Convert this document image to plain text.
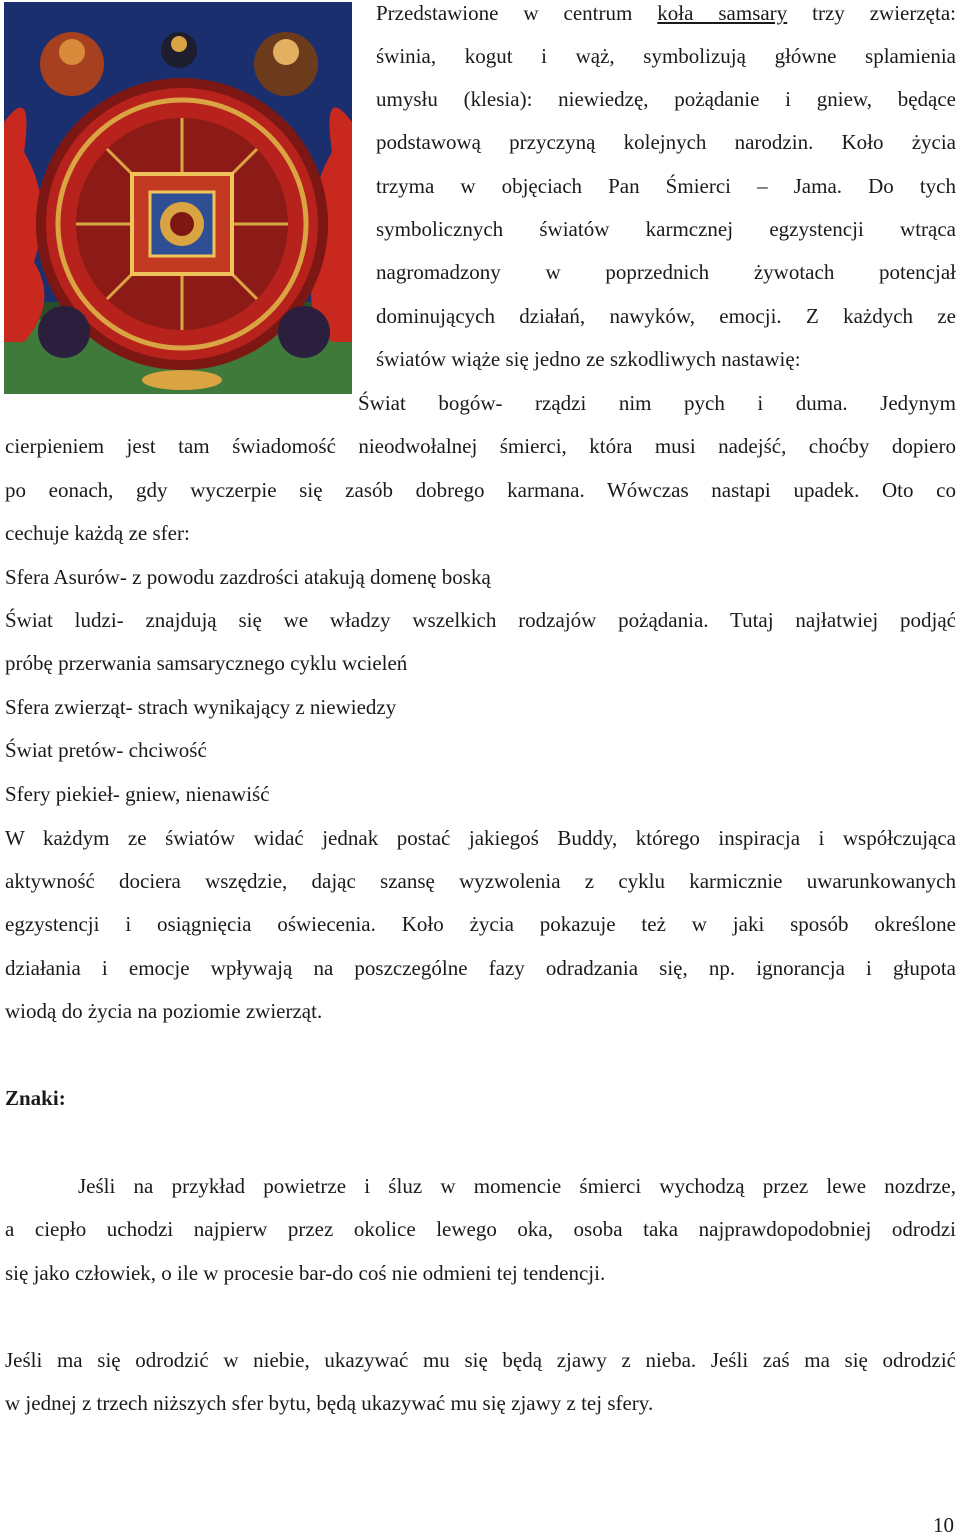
Przedstawione w centrum koła samsary trzy zwierzęta:
świnia, kogut i wąż, symbolizują główne splamienia
umysłu (klesia): niewiedzę, pożądanie i gniew, będące
podstawową przyczyną kolejnych narodzin. Koło życia
trzyma w objęciach Pan Śmierci – Jama. Do tych
symbolicznych światów karmcznej egzystencji wtrąca
nagromadzony w poprzednich żywotach potencjał
dominujących działań, nawyków, emocji. Z każdych ze
światów wiąże się jedno ze szkodliwych nastawię:
Świat bogów- rządzi nim pych i duma. Jedynym
cierpieniem jest tam świadomość nieodwołalnej śmierci, która musi nadejść, choćby dopiero
po eonach, gdy wyczerpie się zasób dobrego karmana. Wówczas nastapi upadek. Oto co
cechuje każdą ze sfer:
Sfera Asurów- z powodu zazdrości atakują domenę boską
Świat ludzi- znajdują się we władzy wszelkich rodzajów pożądania. Tutaj najłatwiej podjąć
próbę przerwania samsarycznego cyklu wcieleń
Sfera zwierząt- strach wynikający z niewiedzy
Świat pretów- chciwość
Sfery piekieł- gniew, nienawiść
W każdym ze światów widać jednak postać jakiegoś Buddy, którego inspiracja i współczująca
aktywność dociera wszędzie, dając szansę wyzwolenia z cyklu karmicznie uwarunkowanych
egzystencji i osiągnięcia oświecenia. Koło życia pokazuje też w jaki sposób określone
działania i emocje wpływają na poszczególne fazy odradzania się, np. ignorancja i głupota
wiodą do życia na poziomie zwierząt.
Znaki:
Jeśli na przykład powietrze i śluz w momencie śmierci wychodzą przez lewe nozdrze,
a ciepło uchodzi najpierw przez okolice lewego oka, osoba taka najprawdopodobniej odrodzi
się jako człowiek, o ile w procesie bar-do coś nie odmieni tej tendencji.
Jeśli ma się odrodzić w niebie, ukazywać mu się będą zjawy z nieba. Jeśli zaś ma się odrodzić
w jednej z trzech niższych sfer bytu, będą ukazywać mu się zjawy z tej sfery.
10
